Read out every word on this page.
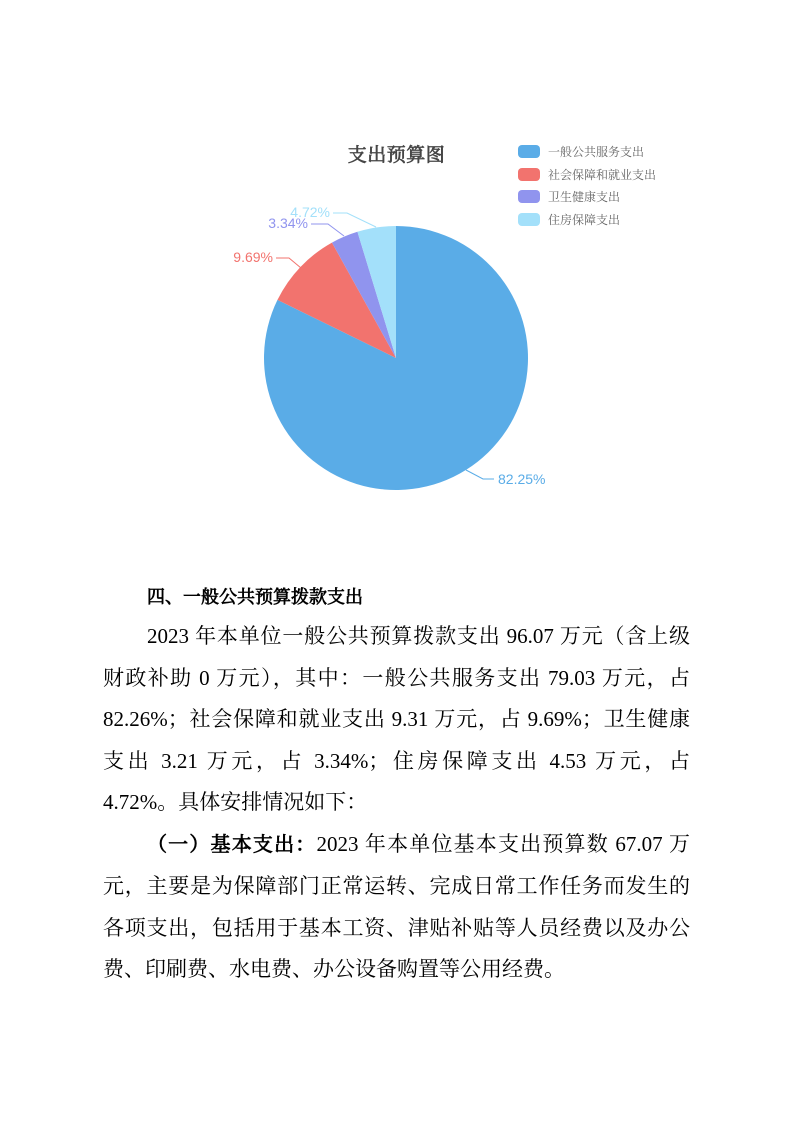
82.25%
9.69%
3.34%
4.72%
支出预算图	一般公共服务支出
社会保障和就业支出
卫生健康支出
住房保障支出
四、一般公共预算拨款支出

2023 年本单位一般公共预算拨款支出 96.07 万元（含上级财政补助 0 万元），其中：一般公共服务支出 79.03 万元，占 82.26%；社会保障和就业支出 9.31 万元，占 9.69%；卫生健康支出 3.21 万元，占 3.34%；住房保障支出 4.53 万元，占 4.72%。具体安排情况如下：

（一）基本支出：2023 年本单位基本支出预算数 67.07 万元，主要是为保障部门正常运转、完成日常工作任务而发生的各项支出，包括用于基本工资、津贴补贴等人员经费以及办公费、印刷费、水电费、办公设备购置等公用经费。
